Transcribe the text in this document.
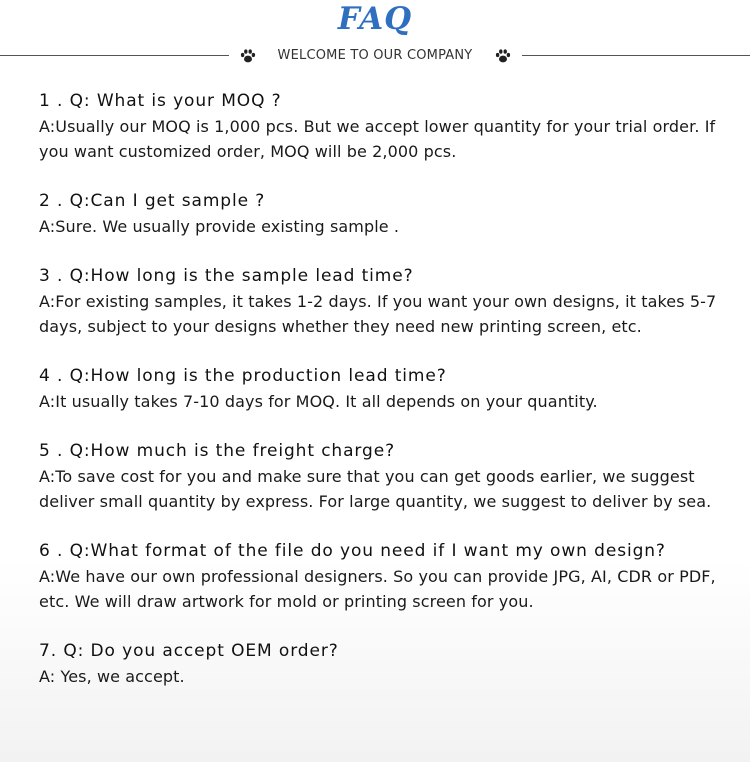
FAQ
WELCOME TO OUR COMPANY
1 . Q: What is your MOQ ?
A:Usually our MOQ is 1,000 pcs. But we accept lower quantity for your trial order. If you want customized order, MOQ will be 2,000 pcs.
2 . Q:Can I get sample ?
A:Sure. We usually provide existing sample .
3 . Q:How long is the sample lead time?
A:For existing samples, it takes 1-2 days. If you want your own designs, it takes 5-7 days, subject to your designs whether they need new printing screen, etc.
4 . Q:How long is the production lead time?
A:It usually takes 7-10 days for MOQ. It all depends on your quantity.
5 . Q:How much is the freight charge?
A:To save cost for you and make sure that you can get goods earlier, we suggest deliver small quantity by express. For large quantity, we suggest to deliver by sea.
6 . Q:What format of the file do you need if I want my own design?
A:We have our own professional designers. So you can provide JPG, AI, CDR or PDF, etc. We will draw artwork for mold or printing screen for you.
7. Q: Do you accept OEM order?
A: Yes, we accept.
